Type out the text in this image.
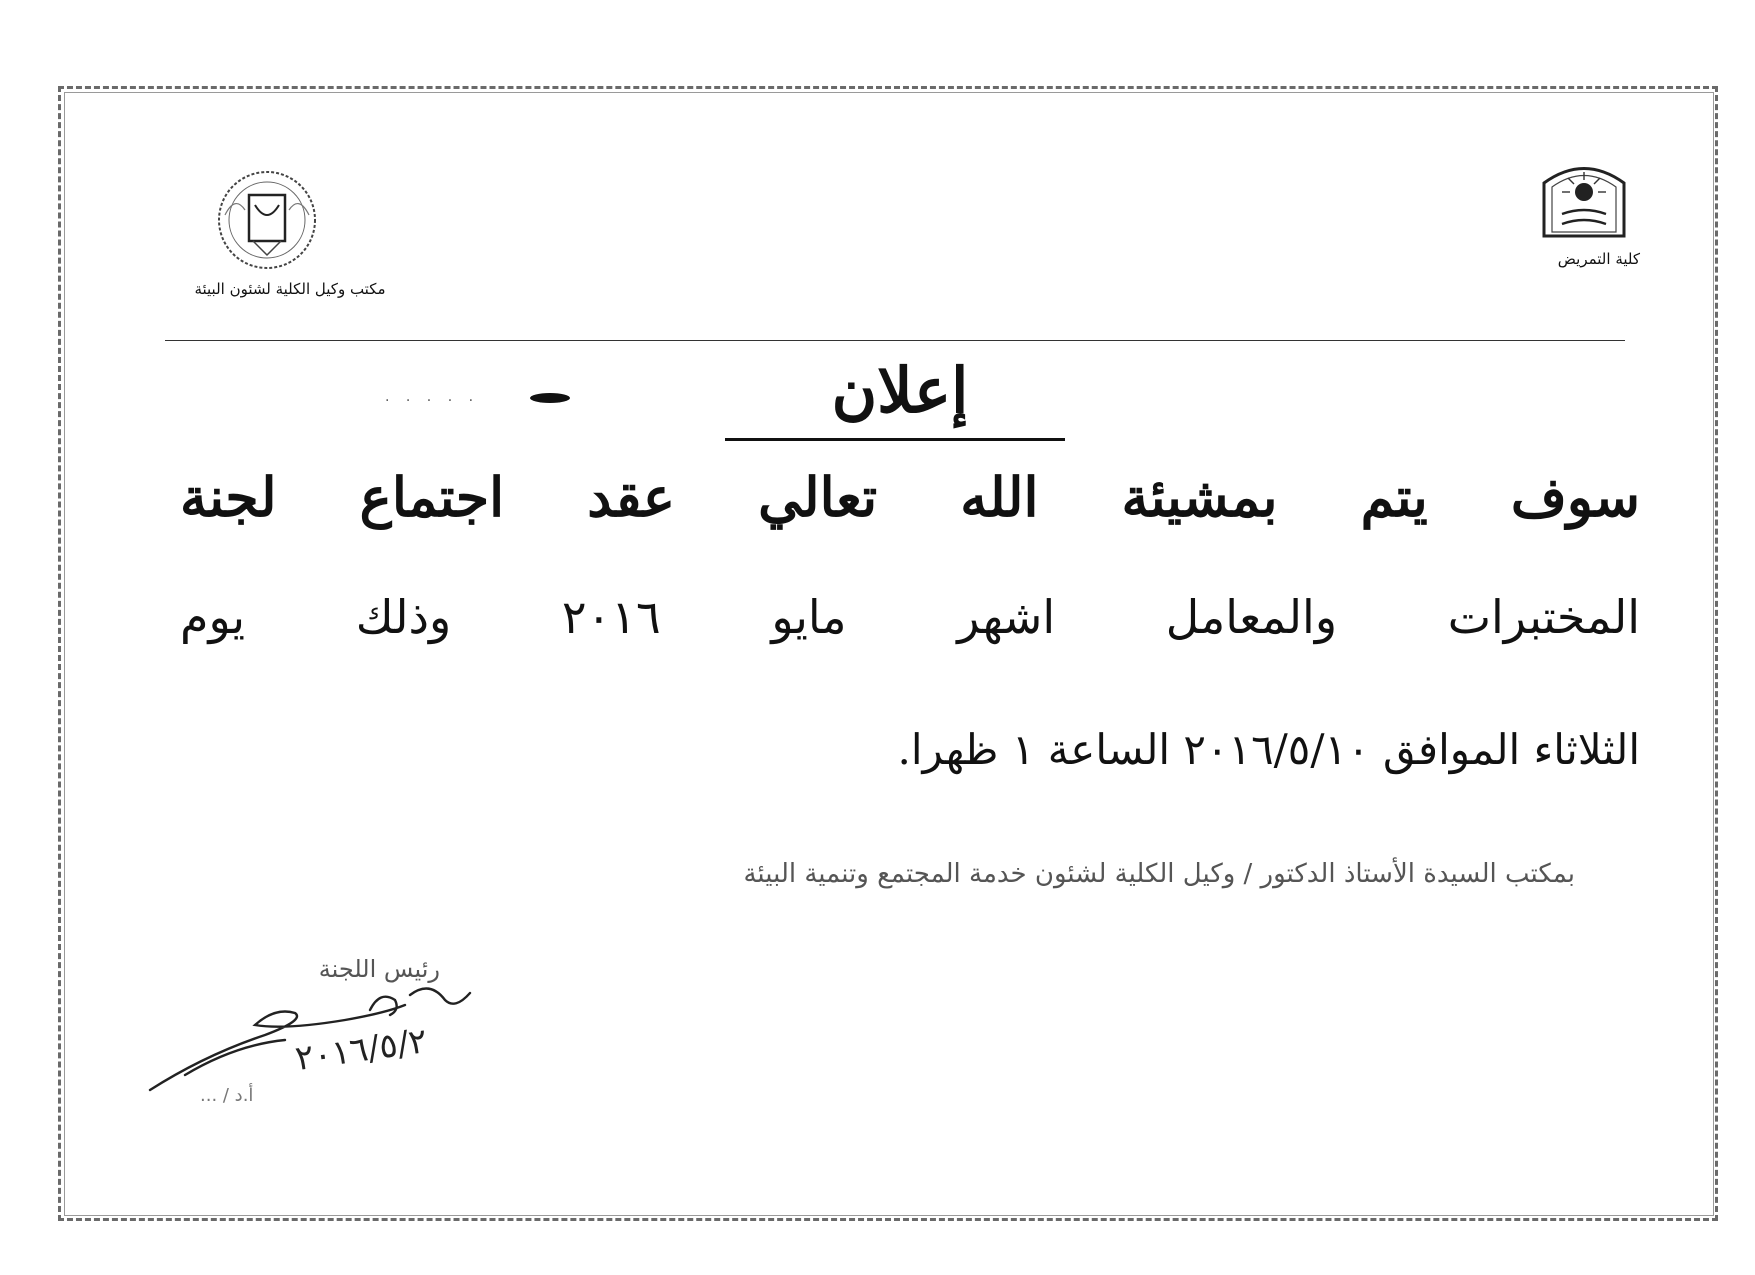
مكتب وكيل الكلية لشئون البيئة
كلية التمريض
· · · · ·	إعلان
سوف يتم بمشيئة الله تعالي عقد اجتماع لجنة
المختبرات والمعامل اشهر مايو ٢٠١٦ وذلك يوم
الثلاثاء الموافق ٢٠١٦/٥/١٠ الساعة ١ ظهرا.
بمكتب السيدة الأستاذ الدكتور / وكيل الكلية لشئون خدمة المجتمع وتنمية البيئة
رئيس اللجنة
٢٠١٦/٥/٢
أ.د / ...
